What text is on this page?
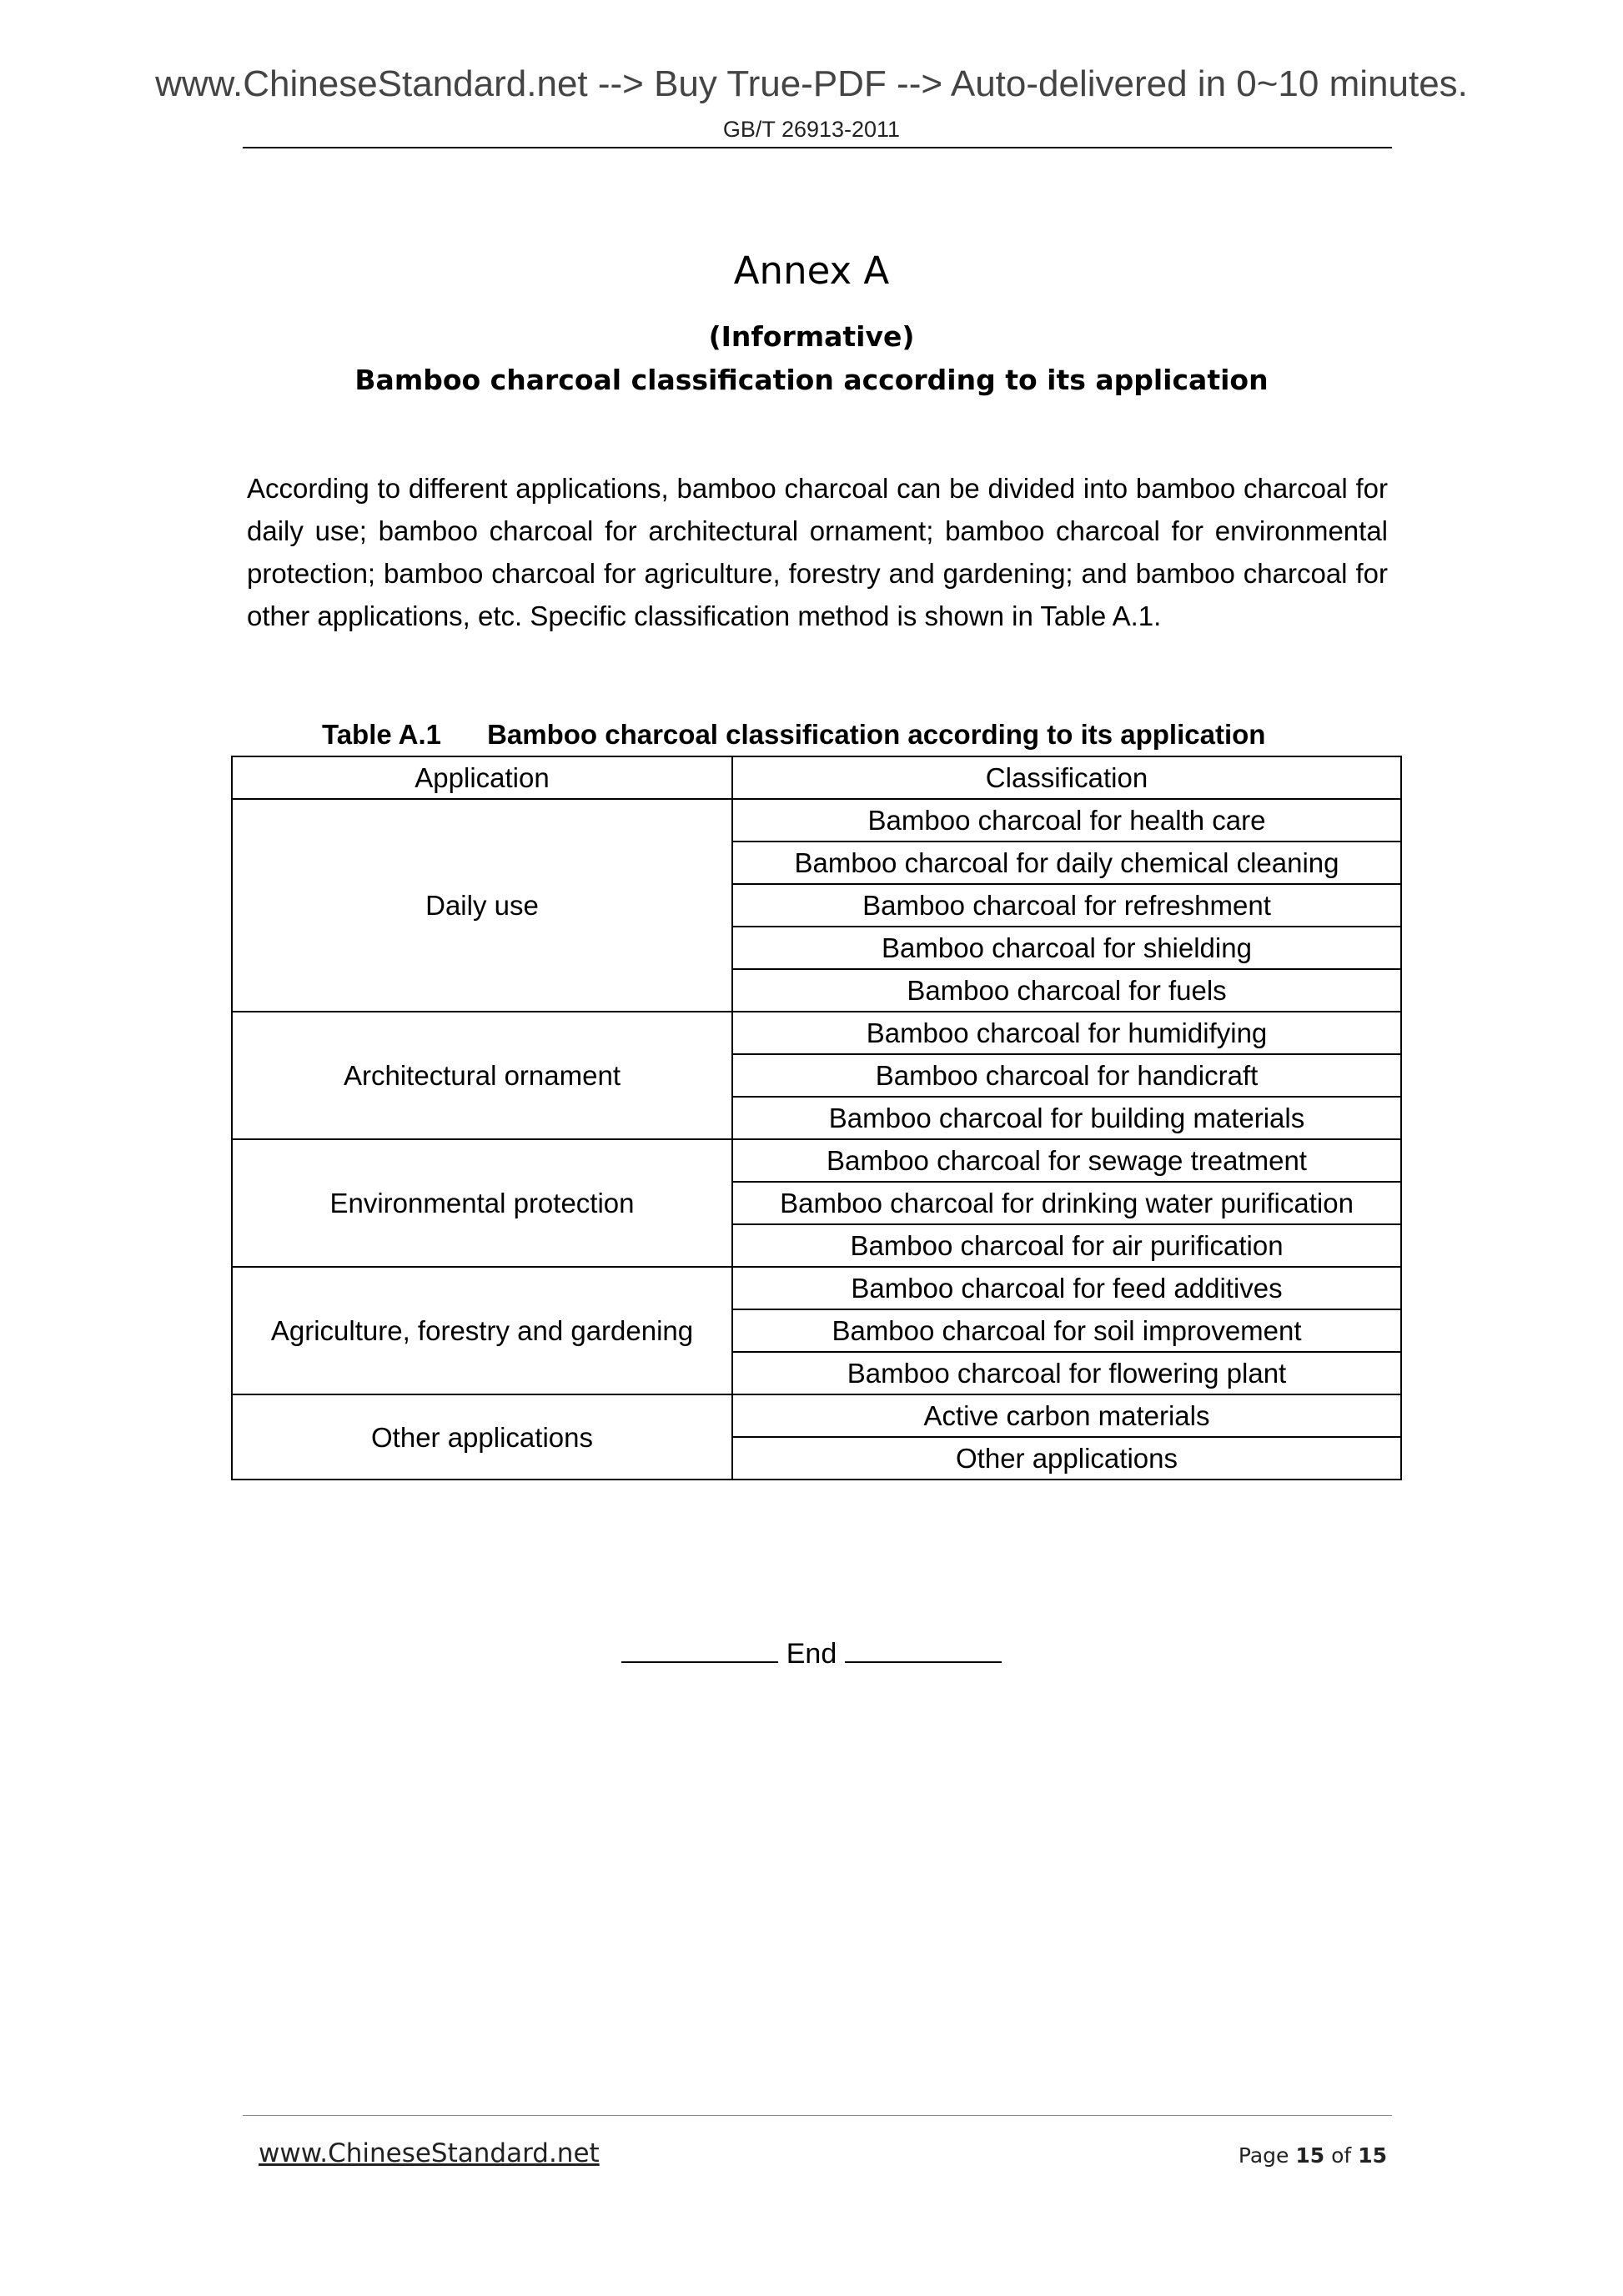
www.ChineseStandard.net --> Buy True-PDF --> Auto-delivered in 0~10 minutes.
GB/T 26913-2011
Annex A
(Informative)
Bamboo charcoal classification according to its application

According to different applications, bamboo charcoal can be divided into bamboo charcoal for daily use; bamboo charcoal for architectural ornament; bamboo charcoal for environmental protection; bamboo charcoal for agriculture, forestry and gardening; and bamboo charcoal for other applications, etc. Specific classification method is shown in Table A.1.

Table A.1 Bamboo charcoal classification according to its application
Application	Classification
Daily use	Bamboo charcoal for health care
	Bamboo charcoal for daily chemical cleaning
	Bamboo charcoal for refreshment
	Bamboo charcoal for shielding
	Bamboo charcoal for fuels
Architectural ornament	Bamboo charcoal for humidifying
	Bamboo charcoal for handicraft
	Bamboo charcoal for building materials
Environmental protection	Bamboo charcoal for sewage treatment
	Bamboo charcoal for drinking water purification
	Bamboo charcoal for air purification
Agriculture, forestry and gardening	Bamboo charcoal for feed additives
	Bamboo charcoal for soil improvement
	Bamboo charcoal for flowering plant
Other applications	Active carbon materials
	Other applications
End
www.ChineseStandard.net	Page 15 of 15
